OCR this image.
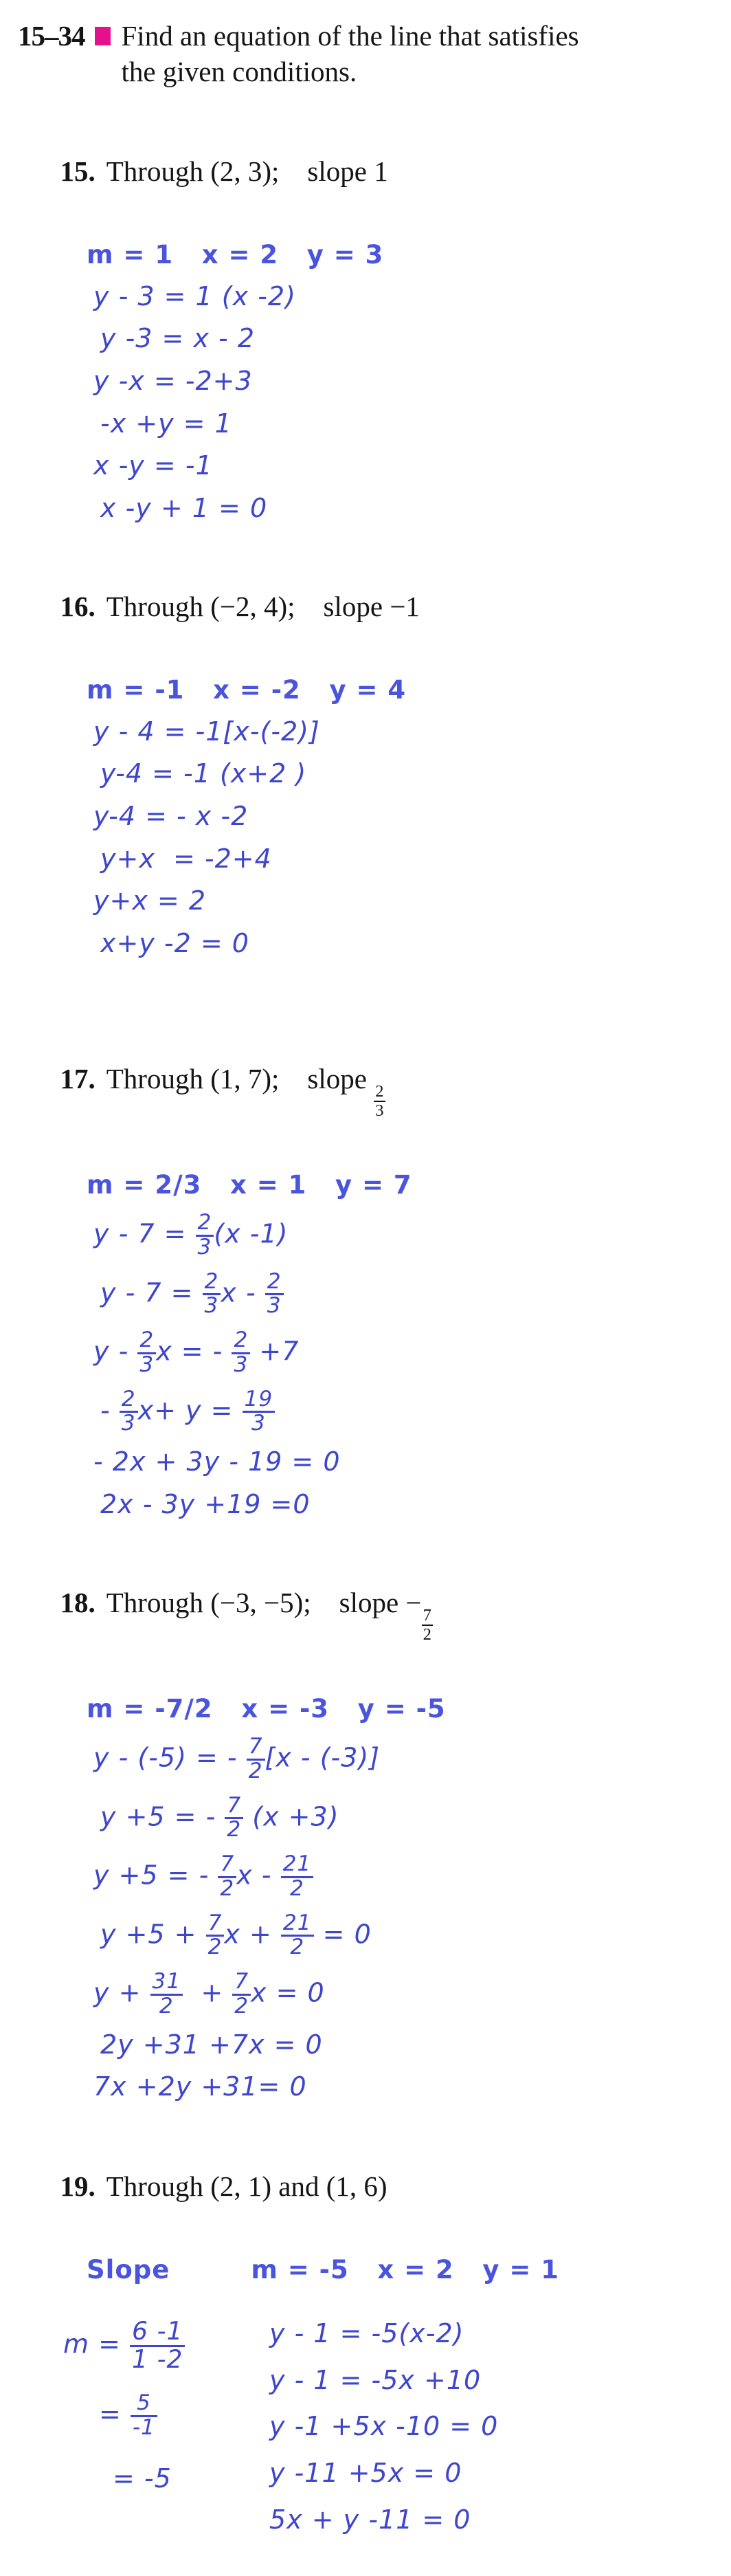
15–34 Find an equation of the line that satisfies
the given conditions.

15. Through (2, 3);    slope 1

m = 1   x = 2   y = 3
y - 3 = 1 (x -2)
y -3 = x - 2
y -x = -2+3
-x +y = 1
x -y = -1
x -y + 1 = 0

16. Through (−2, 4);    slope −1

m = -1   x = -2   y = 4
y - 4 = -1[x-(-2)]
y-4 = -1 (x+2 )
y-4 = - x -2
y+x  = -2+4
y+x = 2
x+y -2 = 0

17. Through (1, 7);    slope
$\frac{2}{3}$

m = 2/3   x = 1   y = 7
$y - 7 = \frac{2}{3} (x$ -1)
$y - 7 = \frac{2}{3}$ x - $\frac{2}{3}$
y - $\frac{2}{3}$ x = - $\frac{2}{3} +7$
- $\frac{2}{3} x+ y = \frac{19}{3}$
- 2x + 3y - 19 = 0
2x - 3y +19 =0

18. Through (−3, −5);    slope −
$\frac{7}{2}$

m = -7/2   x = -3   y = -5
y - (-5) = - $\frac{7}{2} [x - (-3)]$
y +5 = - $\frac{7}{2} (x +3)$
y +5 = - $\frac{7}{2}$ x - $\frac{21}{2}$
$y +5 + \frac{7}{2}$ $x + \frac{21}{2} = 0$
$y + \frac{31}{2} + \frac{7}{2}$ x = 0
2y +31 +7x = 0
7x +2y +31= 0

19. Through (2, 1) and (1, 6)

Slope	m = -5   x = 2   y = 1
$m = \frac{6 -1}{1 -2}$
= $\frac{5}{-1}$
= -5
y - 1 = -5(x-2)
y - 1 = -5x +10
y -1 +5x -10 = 0
y -11 +5x = 0
5x + y -11 = 0
